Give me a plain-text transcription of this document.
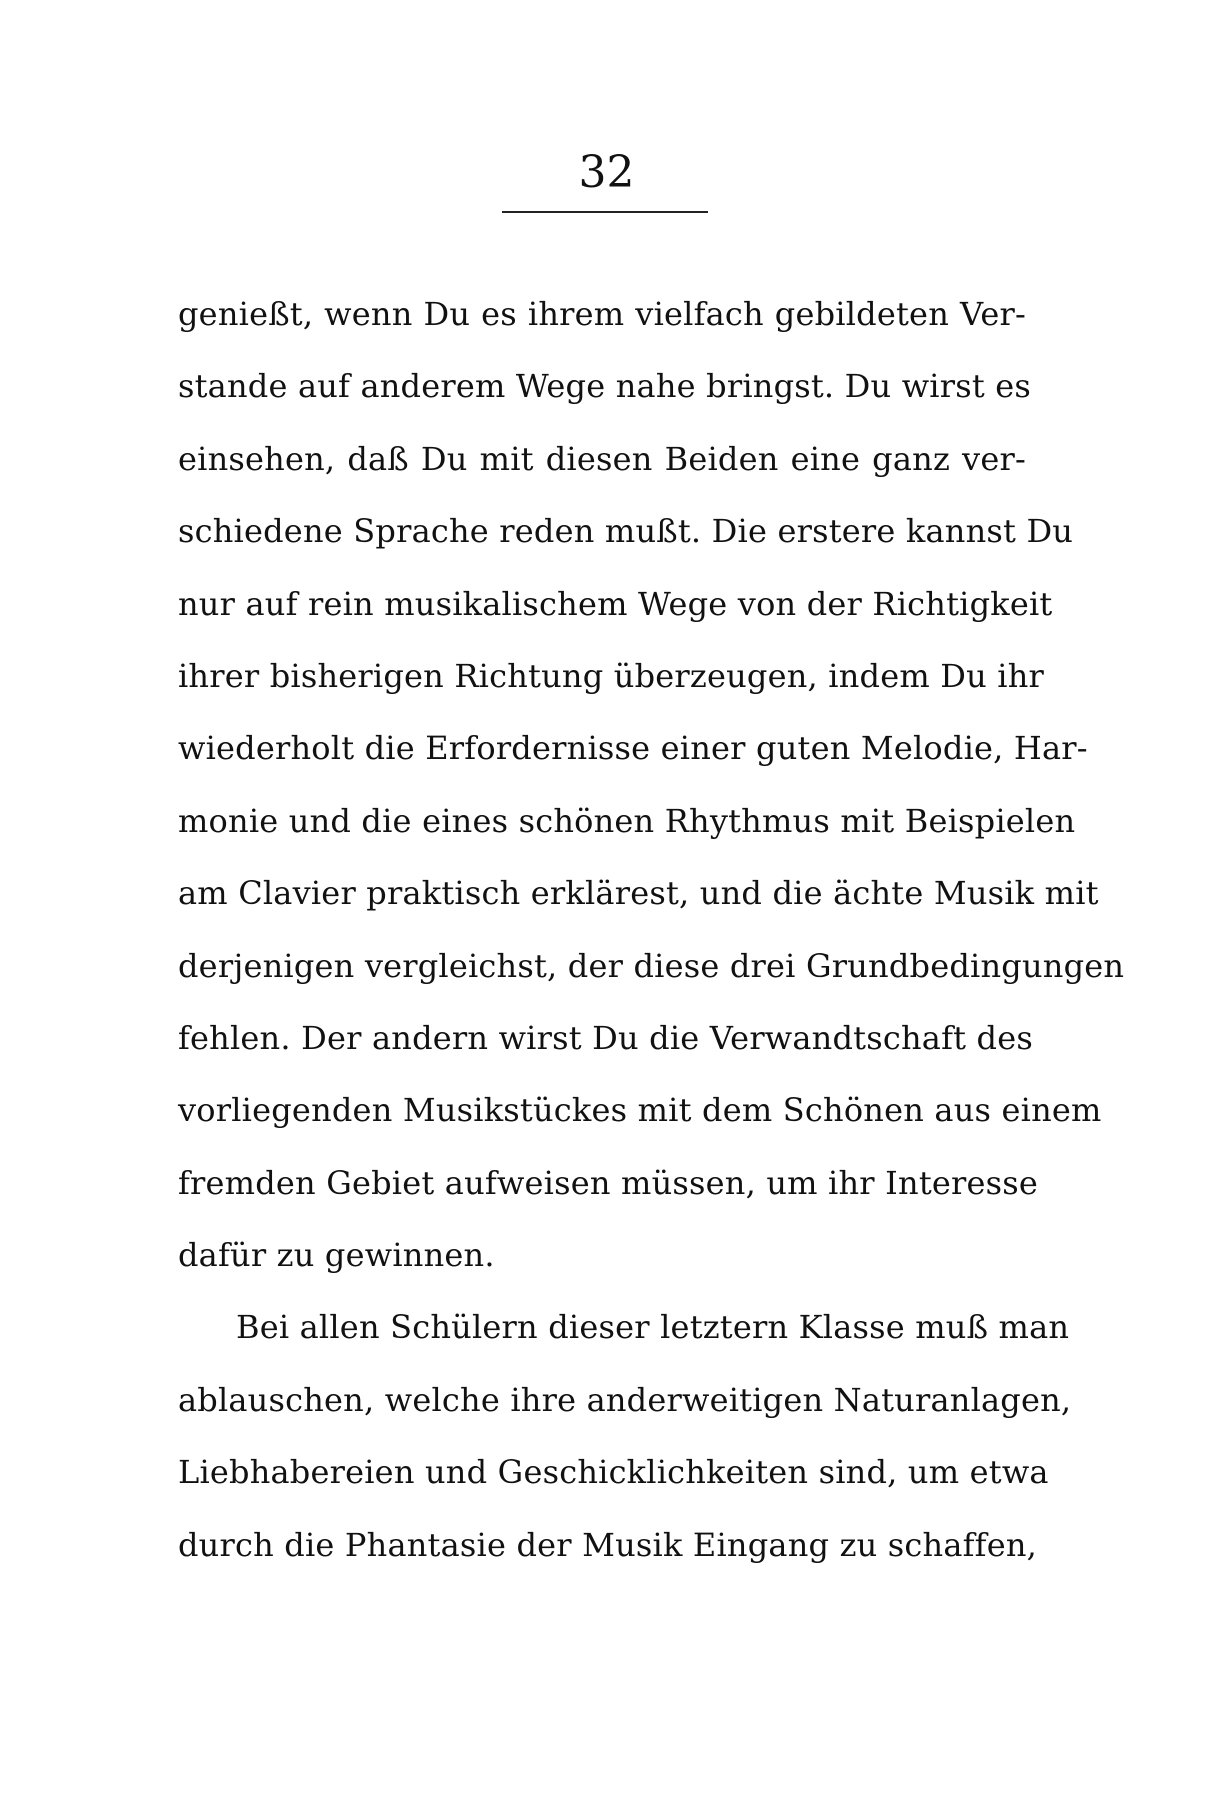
32
genießt, wenn Du es ihrem vielfach gebildeten Ver-
stande auf anderem Wege nahe bringst. Du wirst es
einsehen, daß Du mit diesen Beiden eine ganz ver-
schiedene Sprache reden mußt. Die erstere kannst Du
nur auf rein musikalischem Wege von der Richtigkeit
ihrer bisherigen Richtung überzeugen, indem Du ihr
wiederholt die Erfordernisse einer guten Melodie, Har-
monie und die eines schönen Rhythmus mit Beispielen
am Clavier praktisch erklärest, und die ächte Musik mit
derjenigen vergleichst, der diese drei Grundbedingungen
fehlen. Der andern wirst Du die Verwandtschaft des
vorliegenden Musikstückes mit dem Schönen aus einem
fremden Gebiet aufweisen müssen, um ihr Interesse
dafür zu gewinnen.
Bei allen Schülern dieser letztern Klasse muß man
ablauschen, welche ihre anderweitigen Naturanlagen,
Liebhabereien und Geschicklichkeiten sind, um etwa
durch die Phantasie der Musik Eingang zu schaffen,
